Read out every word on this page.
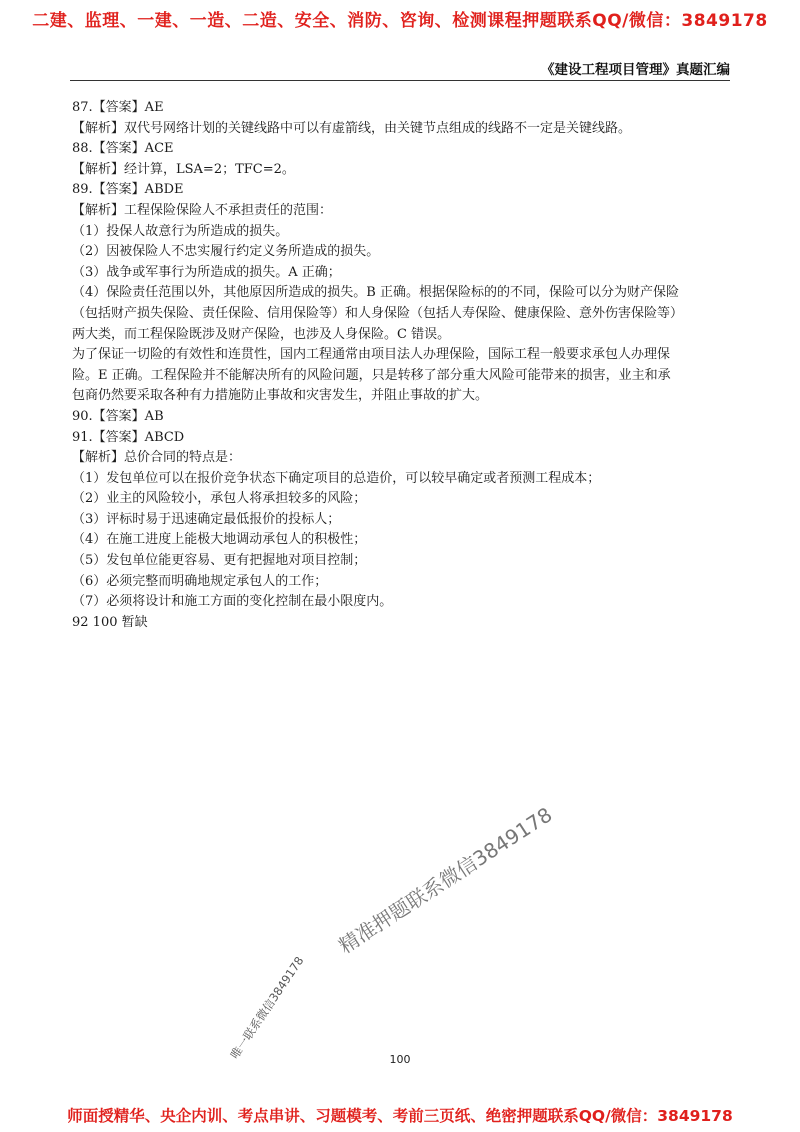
二建、监理、一建、一造、二造、安全、消防、咨询、检测课程押题联系QQ/微信：3849178
《建设工程项目管理》真题汇编
87.【答案】AE
【解析】双代号网络计划的关键线路中可以有虚箭线，由关键节点组成的线路不一定是关键线路。
88.【答案】ACE
【解析】经计算，LSA=2；TFC=2。
89.【答案】ABDE
【解析】工程保险保险人不承担责任的范围：
（1）投保人故意行为所造成的损失。
（2）因被保险人不忠实履行约定义务所造成的损失。
（3）战争或军事行为所造成的损失。A 正确；
（4）保险责任范围以外，其他原因所造成的损失。B 正确。根据保险标的的不同，保险可以分为财产保险
（包括财产损失保险、责任保险、信用保险等）和人身保险（包括人寿保险、健康保险、意外伤害保险等）
两大类，而工程保险既涉及财产保险，也涉及人身保险。C 错误。
为了保证一切险的有效性和连贯性，国内工程通常由项目法人办理保险，国际工程一般要求承包人办理保
险。E 正确。工程保险并不能解决所有的风险问题，只是转移了部分重大风险可能带来的损害，业主和承
包商仍然要采取各种有力措施防止事故和灾害发生，并阻止事故的扩大。
90.【答案】AB
91.【答案】ABCD
【解析】总价合同的特点是：
（1）发包单位可以在报价竞争状态下确定项目的总造价，可以较早确定或者预测工程成本；
（2）业主的风险较小，承包人将承担较多的风险；
（3）评标时易于迅速确定最低报价的投标人；
（4）在施工进度上能极大地调动承包人的积极性；
（5）发包单位能更容易、更有把握地对项目控制；
（6）必须完整而明确地规定承包人的工作；
（7）必须将设计和施工方面的变化控制在最小限度内。
92 100 暂缺
精准押题联系微信3849178
唯一联系微信3849178	100
师面授精华、央企内训、考点串讲、习题模考、考前三页纸、绝密押题联系QQ/微信：3849178
